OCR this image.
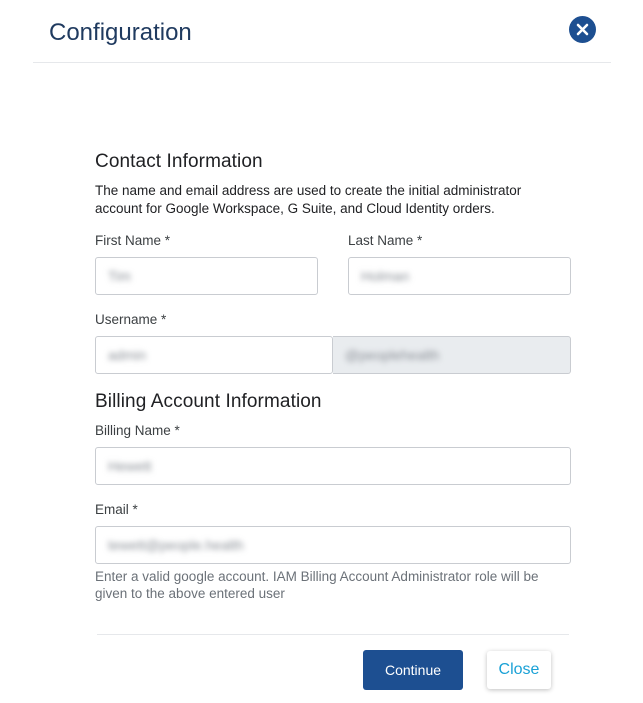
Configuration
Contact Information
The name and email address are used to create the initial administrator account for Google Workspace, G Suite, and Cloud Identity orders.
First Name *
Tim
Last Name *
Holman
Username *
admin	@peoplehealth
Billing Account Information
Billing Name *
Hewett
Email *
tewett@people.health
Enter a valid google account. IAM Billing Account Administrator role will be given to the above entered user
Continue	Close
